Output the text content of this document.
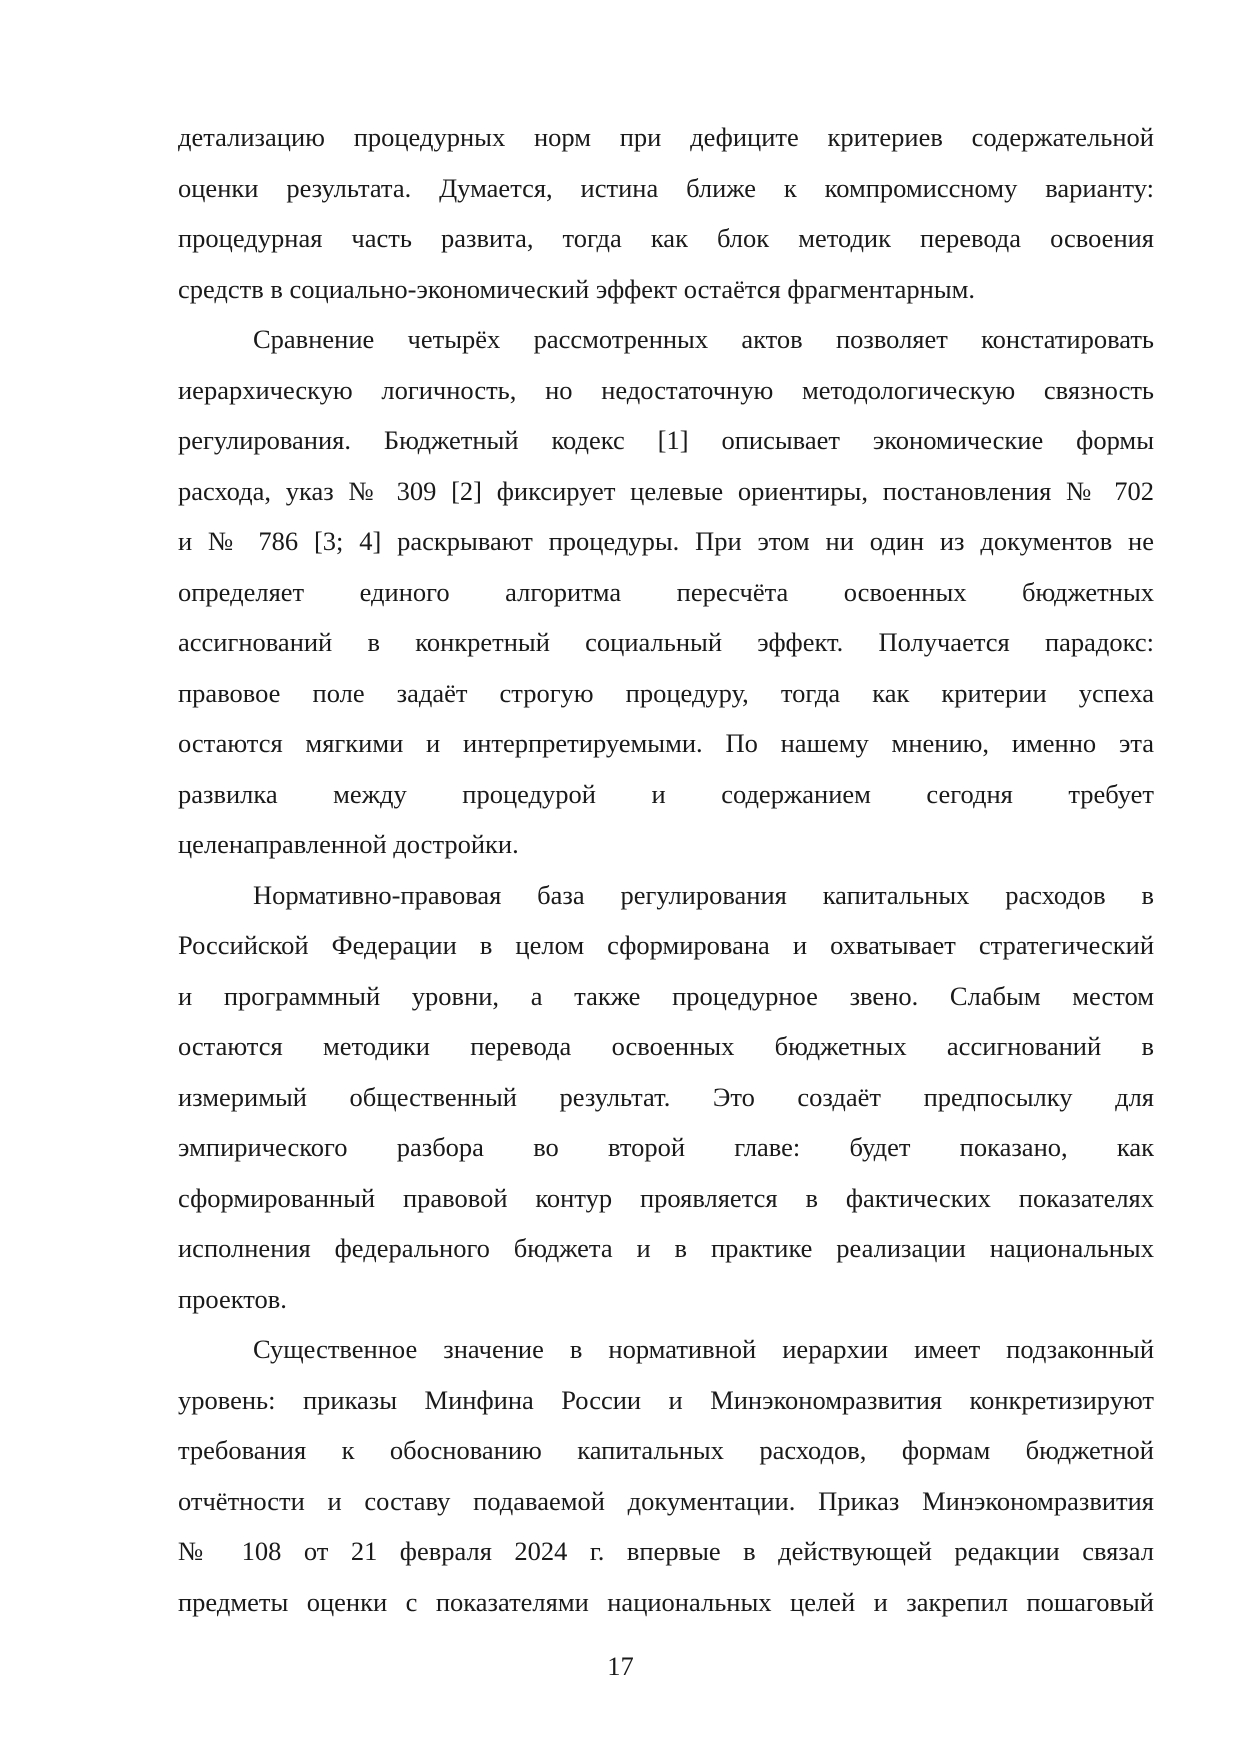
детализацию процедурных норм при дефиците критериев содержательной
оценки результата. Думается, истина ближе к компромиссному варианту:
процедурная часть развита, тогда как блок методик перевода освоения
средств в социально-экономический эффект остаётся фрагментарным.
Сравнение четырёх рассмотренных актов позволяет констатировать
иерархическую логичность, но недостаточную методологическую связность
регулирования. Бюджетный кодекс [1] описывает экономические формы
расхода, указ № 309 [2] фиксирует целевые ориентиры, постановления № 702
и № 786 [3; 4] раскрывают процедуры. При этом ни один из документов не
определяет единого алгоритма пересчёта освоенных бюджетных
ассигнований в конкретный социальный эффект. Получается парадокс:
правовое поле задаёт строгую процедуру, тогда как критерии успеха
остаются мягкими и интерпретируемыми. По нашему мнению, именно эта
развилка между процедурой и содержанием сегодня требует
целенаправленной достройки.
Нормативно-правовая база регулирования капитальных расходов в
Российской Федерации в целом сформирована и охватывает стратегический
и программный уровни, а также процедурное звено. Слабым местом
остаются методики перевода освоенных бюджетных ассигнований в
измеримый общественный результат. Это создаёт предпосылку для
эмпирического разбора во второй главе: будет показано, как
сформированный правовой контур проявляется в фактических показателях
исполнения федерального бюджета и в практике реализации национальных
проектов.
Существенное значение в нормативной иерархии имеет подзаконный
уровень: приказы Минфина России и Минэкономразвития конкретизируют
требования к обоснованию капитальных расходов, формам бюджетной
отчётности и составу подаваемой документации. Приказ Минэкономразвития
№ 108 от 21 февраля 2024 г. впервые в действующей редакции связал
предметы оценки с показателями национальных целей и закрепил пошаговый
17
